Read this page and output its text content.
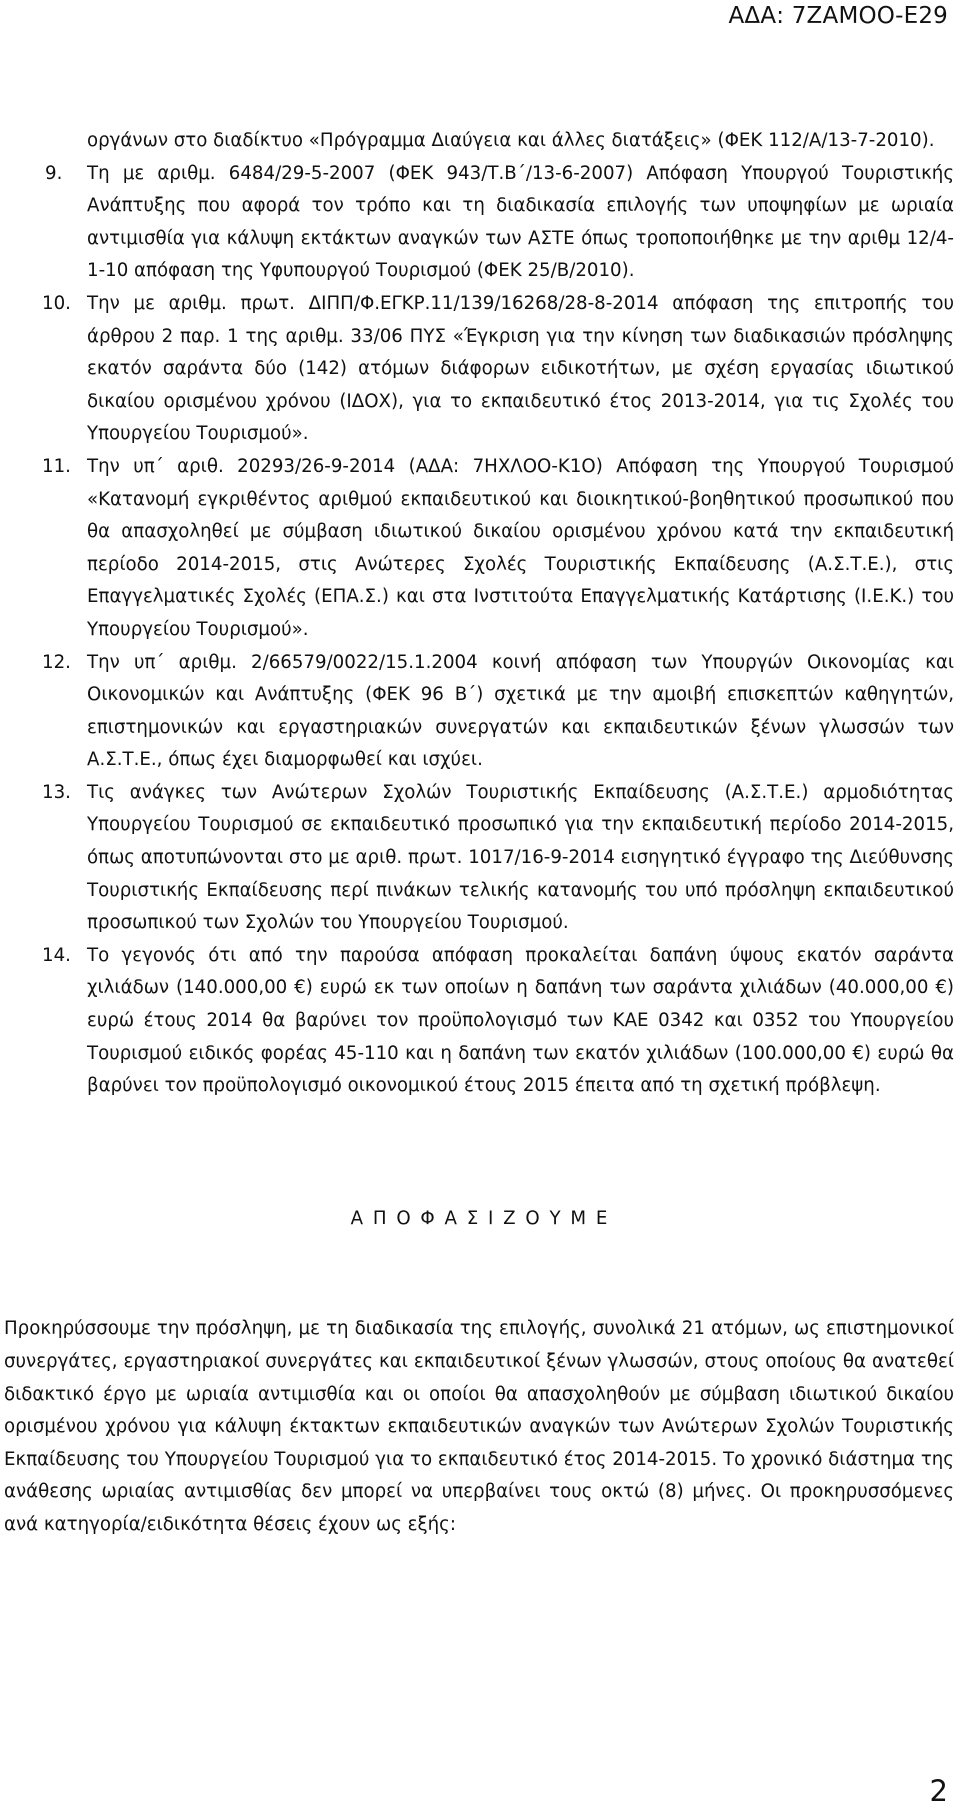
ΑΔΑ: 7ΖΑΜΟΟ-Ε29

οργάνων στο διαδίκτυο «Πρόγραμμα Διαύγεια και άλλες διατάξεις» (ΦΕΚ 112/Α/13-7-2010).

9. Τη με αριθμ. 6484/29-5-2007 (ΦΕΚ 943/Τ.Β΄/13-6-2007) Απόφαση Υπουργού Τουριστικής Ανάπτυξης που αφορά τον τρόπο και τη διαδικασία επιλογής των υποψηφίων με ωριαία αντιμισθία για κάλυψη εκτάκτων αναγκών των ΑΣΤΕ όπως τροποποιήθηκε με την αριθμ 12/4-1-10 απόφαση της Υφυπουργού Τουρισμού (ΦΕΚ 25/Β/2010).

10. Την με αριθμ. πρωτ. ΔΙΠΠ/Φ.ΕΓΚΡ.11/139/16268/28-8-2014 απόφαση της επιτροπής του άρθρου 2 παρ. 1 της αριθμ. 33/06 ΠΥΣ «Έγκριση για την κίνηση των διαδικασιών πρόσληψης εκατόν σαράντα δύο (142) ατόμων διάφορων ειδικοτήτων, με σχέση εργασίας ιδιωτικού δικαίου ορισμένου χρόνου (ΙΔΟΧ), για το εκπαιδευτικό έτος 2013-2014, για τις Σχολές του Υπουργείου Τουρισμού».

11. Την υπ΄ αριθ. 20293/26-9-2014 (ΑΔΑ: 7ΗΧΛΟΟ-Κ1Ο) Απόφαση της Υπουργού Τουρισμού «Κατανομή εγκριθέντος αριθμού εκπαιδευτικού και διοικητικού-βοηθητικού προσωπικού που θα απασχοληθεί με σύμβαση ιδιωτικού δικαίου ορισμένου χρόνου κατά την εκπαιδευτική περίοδο 2014-2015, στις Ανώτερες Σχολές Τουριστικής Εκπαίδευσης (Α.Σ.Τ.Ε.), στις Επαγγελματικές Σχολές (ΕΠΑ.Σ.) και στα Ινστιτούτα Επαγγελματικής Κατάρτισης (Ι.Ε.Κ.) του Υπουργείου Τουρισμού».

12. Την υπ΄ αριθμ. 2/66579/0022/15.1.2004 κοινή απόφαση των Υπουργών Οικονομίας και Οικονομικών και Ανάπτυξης (ΦΕΚ 96 Β΄) σχετικά με την αμοιβή επισκεπτών καθηγητών, επιστημονικών και εργαστηριακών συνεργατών και εκπαιδευτικών ξένων γλωσσών των Α.Σ.Τ.Ε., όπως έχει διαμορφωθεί και ισχύει.

13. Τις ανάγκες των Ανώτερων Σχολών Τουριστικής Εκπαίδευσης (Α.Σ.Τ.Ε.) αρμοδιότητας Υπουργείου Τουρισμού σε εκπαιδευτικό προσωπικό για την εκπαιδευτική περίοδο 2014-2015, όπως αποτυπώνονται στο με αριθ. πρωτ. 1017/16-9-2014 εισηγητικό έγγραφο της Διεύθυνσης Τουριστικής Εκπαίδευσης περί πινάκων τελικής κατανομής του υπό πρόσληψη εκπαιδευτικού προσωπικού των Σχολών του Υπουργείου Τουρισμού.

14. Το γεγονός ότι από την παρούσα απόφαση προκαλείται δαπάνη ύψους εκατόν σαράντα χιλιάδων (140.000,00 €) ευρώ εκ των οποίων η δαπάνη των σαράντα χιλιάδων (40.000,00 €) ευρώ έτους 2014 θα βαρύνει τον προϋπολογισμό των ΚΑΕ 0342 και 0352 του Υπουργείου Τουρισμού ειδικός φορέας 45-110 και η δαπάνη των εκατόν χιλιάδων (100.000,00 €) ευρώ θα βαρύνει τον προϋπολογισμό οικονομικού έτους 2015 έπειτα από τη σχετική πρόβλεψη.

Α Π Ο Φ Α Σ Ι Ζ Ο Υ Μ Ε

Προκηρύσσουμε την πρόσληψη, με τη διαδικασία της επιλογής, συνολικά 21 ατόμων, ως επιστημονικοί συνεργάτες, εργαστηριακοί συνεργάτες και εκπαιδευτικοί ξένων γλωσσών, στους οποίους θα ανατεθεί διδακτικό έργο με ωριαία αντιμισθία και οι οποίοι θα απασχοληθούν με σύμβαση ιδιωτικού δικαίου ορισμένου χρόνου για κάλυψη έκτακτων εκπαιδευτικών αναγκών των Ανώτερων Σχολών Τουριστικής Εκπαίδευσης του Υπουργείου Τουρισμού για το εκπαιδευτικό έτος 2014-2015. Το χρονικό διάστημα της ανάθεσης ωριαίας αντιμισθίας δεν μπορεί να υπερβαίνει τους οκτώ (8) μήνες. Οι προκηρυσσόμενες ανά κατηγορία/ειδικότητα θέσεις έχουν ως εξής:

2
